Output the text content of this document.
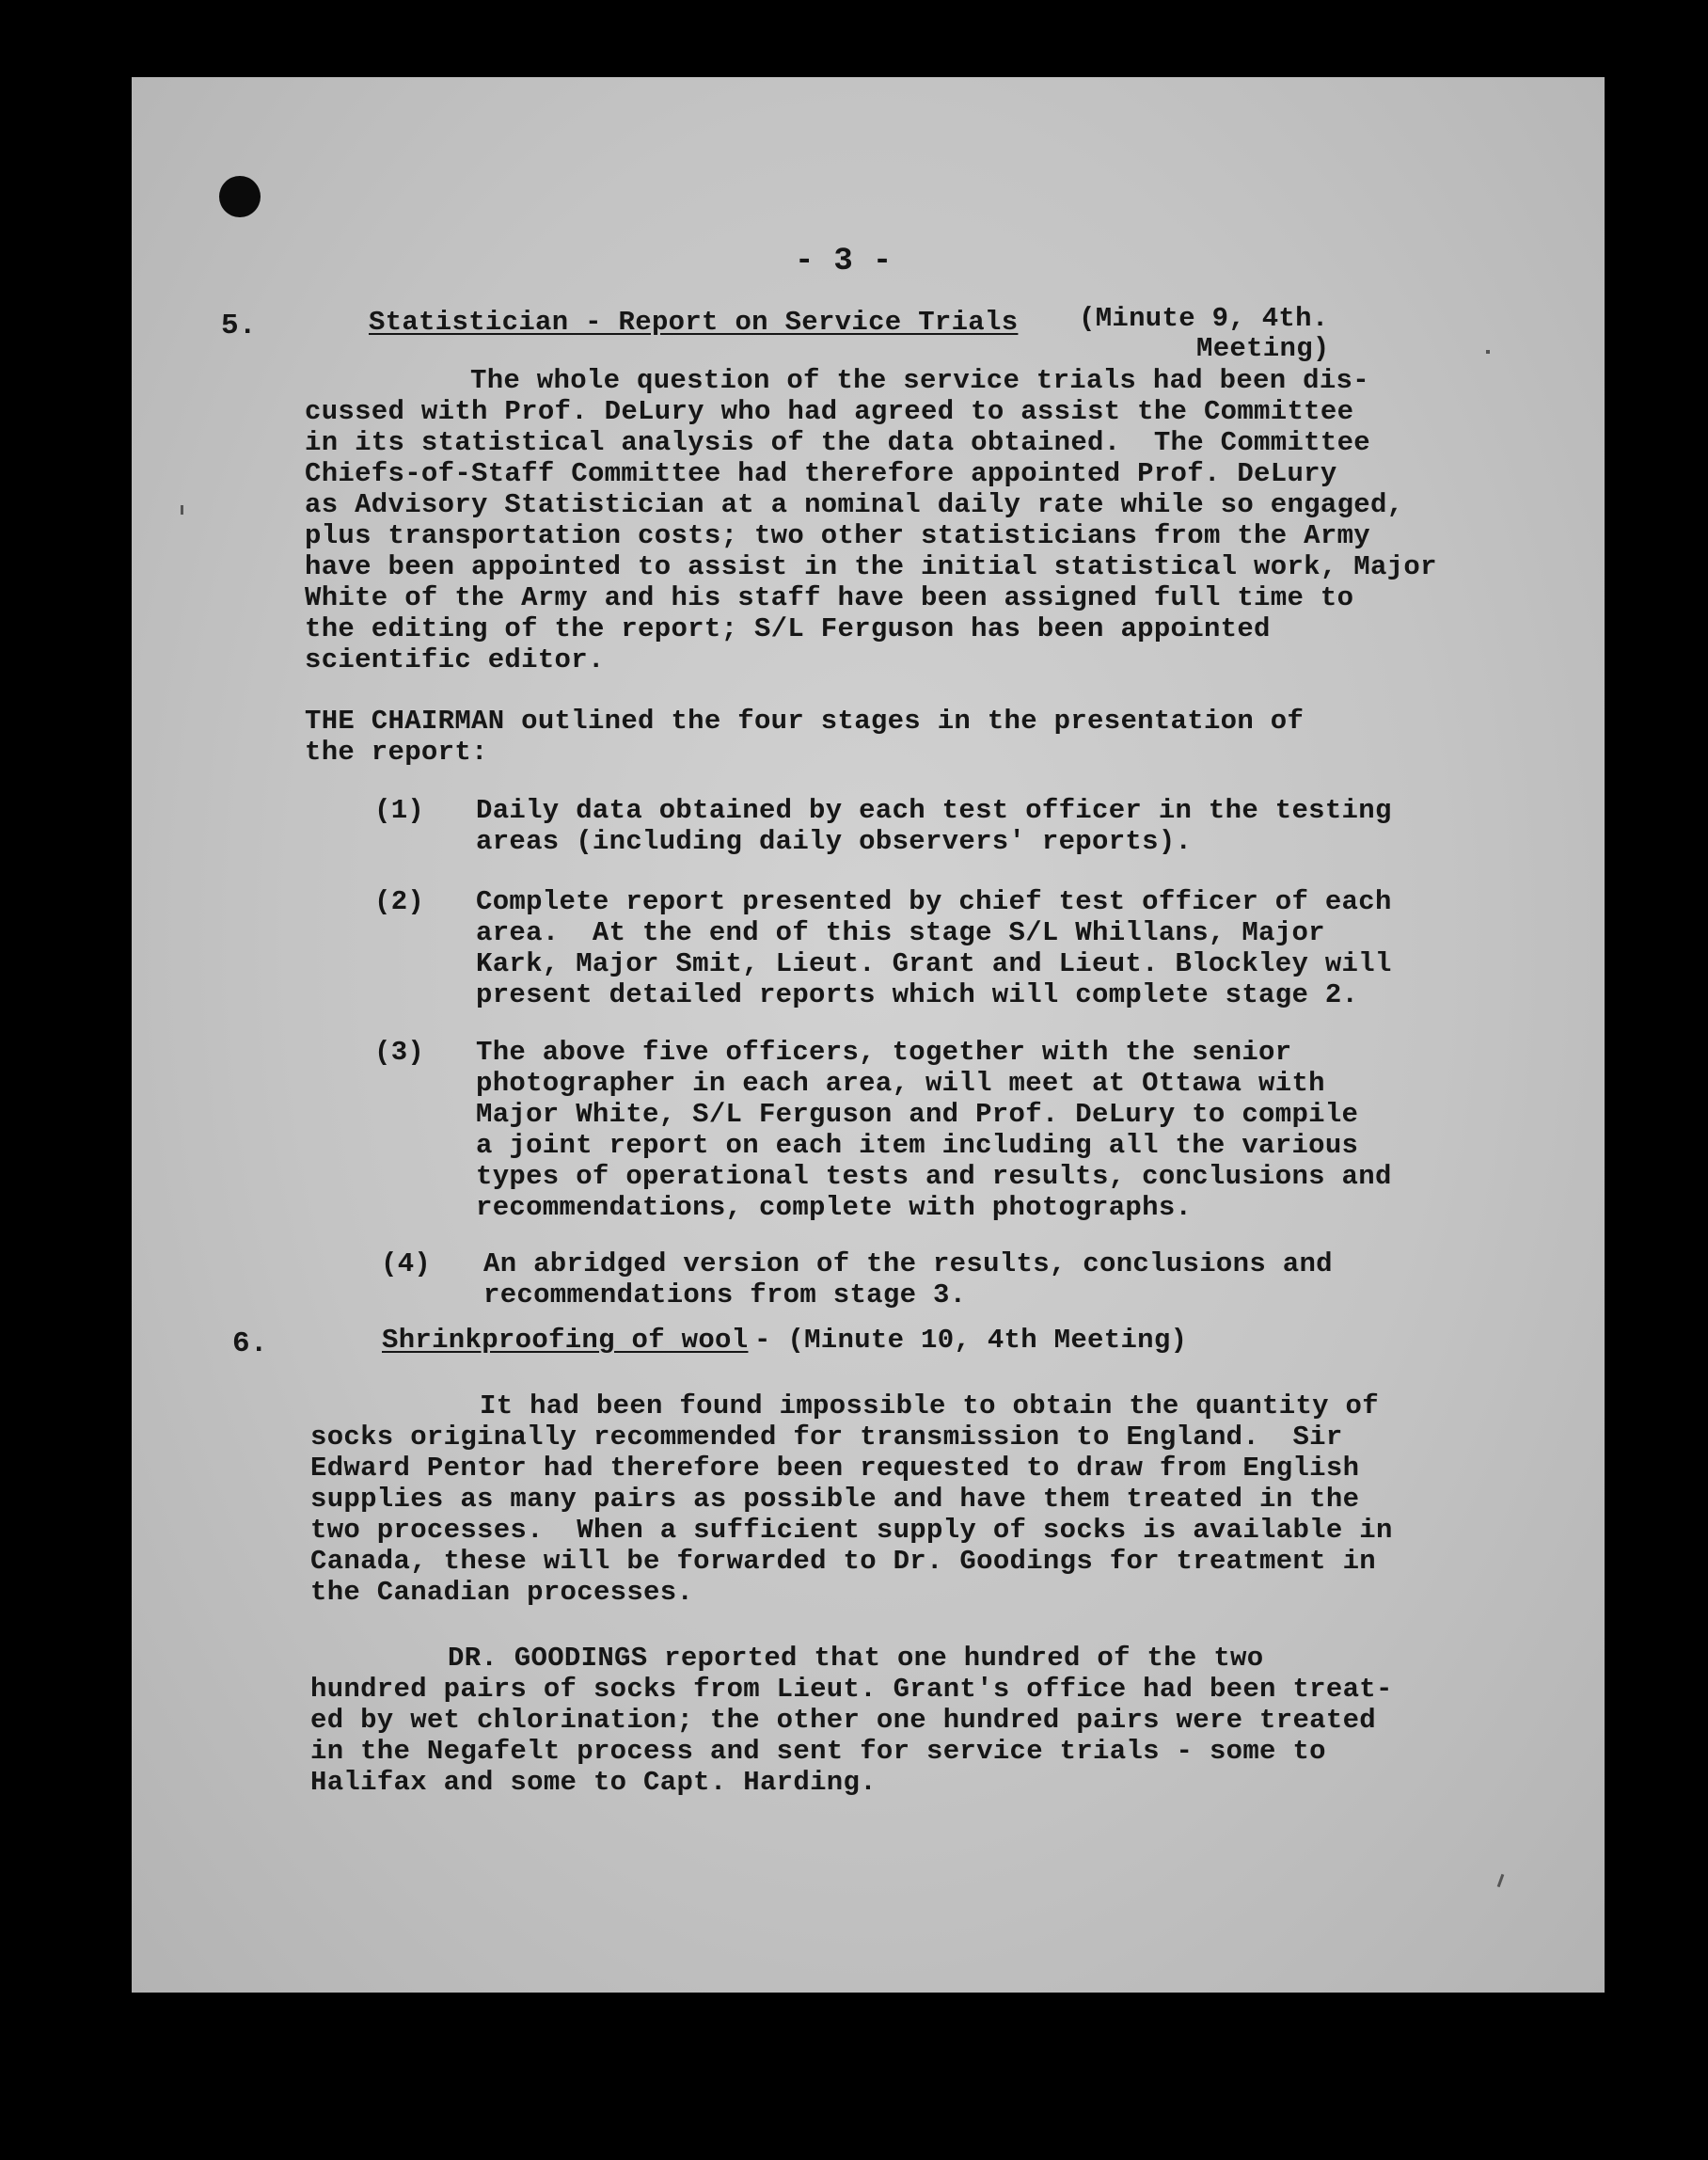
- 3 -
5.	Statistician - Report on Service Trials (Minute 9, 4th.
Meeting)
The whole question of the service trials had been dis-
cussed with Prof. DeLury who had agreed to assist the Committee
in its statistical analysis of the data obtained.  The Committee
Chiefs-of-Staff Committee had therefore appointed Prof. DeLury
as Advisory Statistician at a nominal daily rate while so engaged,
plus transportation costs; two other statisticians from the Army
have been appointed to assist in the initial statistical work, Major
White of the Army and his staff have been assigned full time to
the editing of the report; S/L Ferguson has been appointed
scientific editor.
THE CHAIRMAN outlined the four stages in the presentation of
the report:
(1) Daily data obtained by each test officer in the testing
areas (including daily observers' reports).
(2) Complete report presented by chief test officer of each
area.  At the end of this stage S/L Whillans, Major
Kark, Major Smit, Lieut. Grant and Lieut. Blockley will
present detailed reports which will complete stage 2.
(3) The above five officers, together with the senior
photographer in each area, will meet at Ottawa with
Major White, S/L Ferguson and Prof. DeLury to compile
a joint report on each item including all the various
types of operational tests and results, conclusions and
recommendations, complete with photographs.
(4) An abridged version of the results, conclusions and
recommendations from stage 3.
6.	Shrinkproofing of wool - (Minute 10, 4th Meeting)
It had been found impossible to obtain the quantity of
socks originally recommended for transmission to England.  Sir
Edward Pentor had therefore been requested to draw from English
supplies as many pairs as possible and have them treated in the
two processes.  When a sufficient supply of socks is available in
Canada, these will be forwarded to Dr. Goodings for treatment in
the Canadian processes.
DR. GOODINGS reported that one hundred of the two
hundred pairs of socks from Lieut. Grant's office had been treat-
ed by wet chlorination; the other one hundred pairs were treated
in the Negafelt process and sent for service trials - some to
Halifax and some to Capt. Harding.
